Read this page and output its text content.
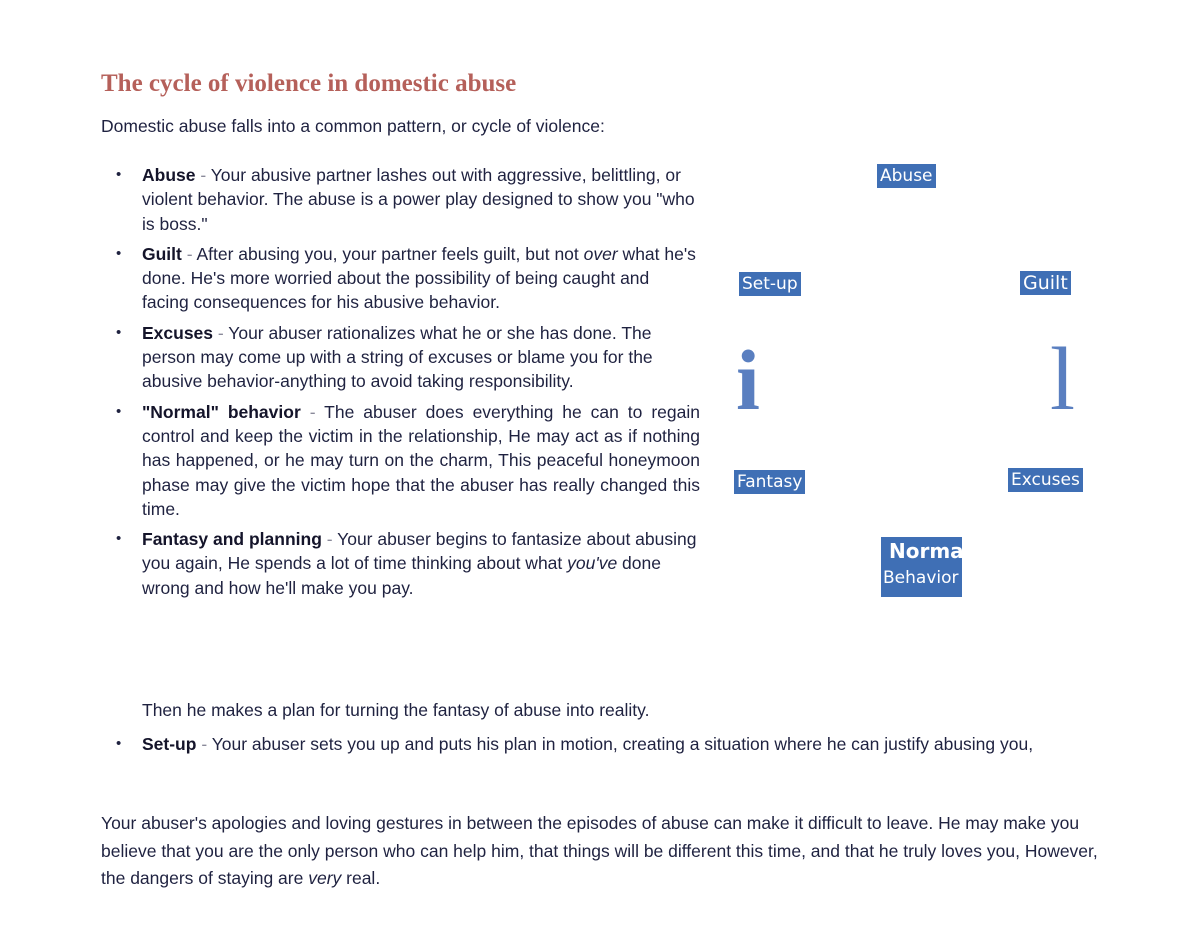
The cycle of violence in domestic abuse

Domestic abuse falls into a common pattern, or cycle of violence:

• Abuse - Your abusive partner lashes out with aggressive, belittling, or violent behavior. The abuse is a power play designed to show you "who is boss."
• Guilt - After abusing you, your partner feels guilt, but not over what he's done. He's more worried about the possibility of being caught and facing consequences for his abusive behavior.
• Excuses - Your abuser rationalizes what he or she has done. The person may come up with a string of excuses or blame you for the abusive behavior-anything to avoid taking responsibility.
• "Normal" behavior - The abuser does everything he can to regain control and keep the victim in the relationship, He may act as if nothing has happened, or he may turn on the charm, This peaceful honeymoon phase may give the victim hope that the abuser has really changed this time.
• Fantasy and planning - Your abuser begins to fantasize about abusing you again, He spends a lot of time thinking about what you've done wrong and how he'll make you pay.
Then he makes a plan for turning the fantasy of abuse into reality.
• Set-up - Your abuser sets you up and puts his plan in motion, creating a situation where he can justify abusing you,

Your abuser's apologies and loving gestures in between the episodes of abuse can make it difficult to leave. He may make you believe that you are the only person who can help him, that things will be different this time, and that he truly loves you, However, the dangers of staying are very real.

Abuse
Set-up	Guilt
i	l
Fantasy	Excuses
Normal
Behavior
